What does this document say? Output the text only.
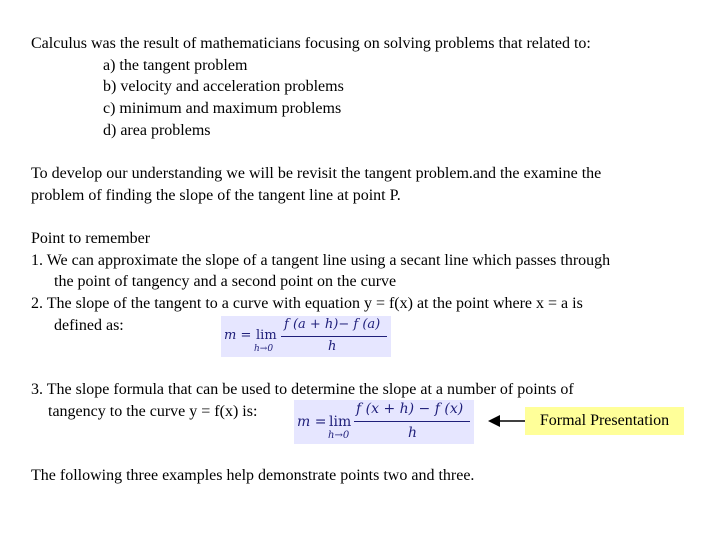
Calculus was the result of mathematicians focusing on solving problems that related to:
a) the tangent problem
b) velocity and acceleration problems
c) minimum and maximum problems
d) area problems
To develop our understanding we will be revisit the tangent problem.and the examine the
problem of finding the slope of the tangent line at point P.
Point to remember
1. We can approximate the slope of a tangent line using a secant line which passes through
the point of tangency and a second point on the curve
2. The slope of the tangent to a curve with equation y = f(x) at the point where x = a is
defined as:
m = lim
h→0
f (a + h)− f (a)
h
3. The slope formula that can be used to determine the slope at a number of points of
tangency to the curve y = f(x) is:
m = lim
h→0
f (x + h) − f (x)
h
Formal Presentation
The following three examples help demonstrate points two and three.
